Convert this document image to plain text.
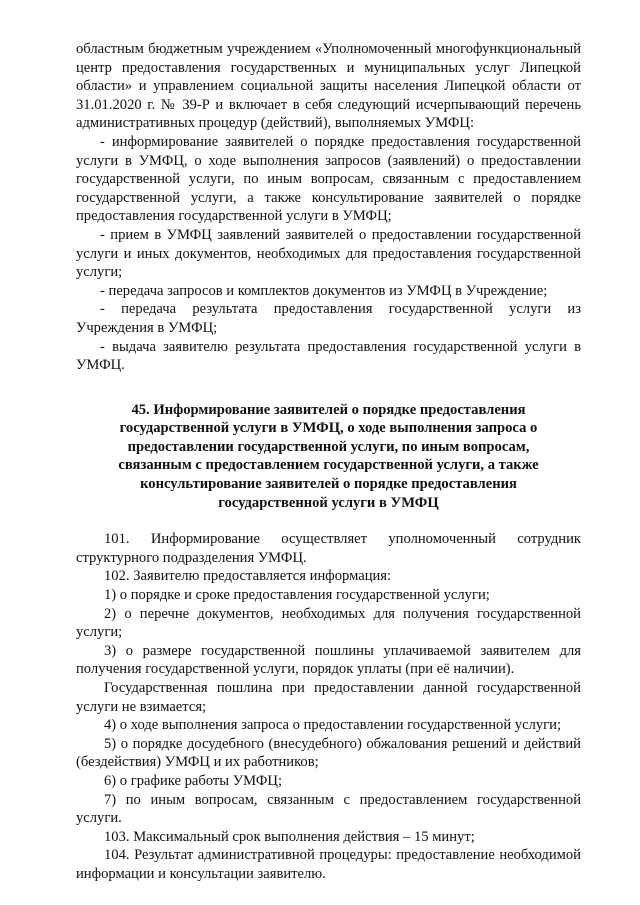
областным бюджетным учреждением «Уполномоченный многофункциональный центр предоставления государственных и муниципальных услуг Липецкой области» и управлением социальной защиты населения Липецкой области от 31.01.2020 г. № 39-Р и включает в себя следующий исчерпывающий перечень административных процедур (действий), выполняемых УМФЦ:

- информирование заявителей о порядке предоставления государственной услуги в УМФЦ, о ходе выполнения запросов (заявлений) о предоставлении государственной услуги, по иным вопросам, связанным с предоставлением государственной услуги, а также консультирование заявителей о порядке предоставления государственной услуги в УМФЦ;

- прием в УМФЦ заявлений заявителей о предоставлении государственной услуги и иных документов, необходимых для предоставления государственной услуги;

- передача запросов и комплектов документов из УМФЦ в Учреждение;

- передача результата предоставления государственной услуги из Учреждения в УМФЦ;

- выдача заявителю результата предоставления государственной услуги в УМФЦ.

45. Информирование заявителей о порядке предоставления государственной услуги в УМФЦ, о ходе выполнения запроса о предоставлении государственной услуги, по иным вопросам, связанным с предоставлением государственной услуги, а также консультирование заявителей о порядке предоставления государственной услуги в УМФЦ

101. Информирование осуществляет уполномоченный сотрудник структурного подразделения УМФЦ.

102. Заявителю предоставляется информация:

1) о порядке и сроке предоставления государственной услуги;

2) о перечне документов, необходимых для получения государственной услуги;

3) о размере государственной пошлины уплачиваемой заявителем для получения государственной услуги, порядок уплаты (при её наличии).

Государственная пошлина при предоставлении данной государственной услуги не взимается;

4) о ходе выполнения запроса о предоставлении государственной услуги;

5) о порядке досудебного (внесудебного) обжалования решений и действий (бездействия) УМФЦ и их работников;

6) о графике работы УМФЦ;

7) по иным вопросам, связанным с предоставлением государственной услуги.

103. Максимальный срок выполнения действия – 15 минут;

104. Результат административной процедуры: предоставление необходимой информации и консультации заявителю.
